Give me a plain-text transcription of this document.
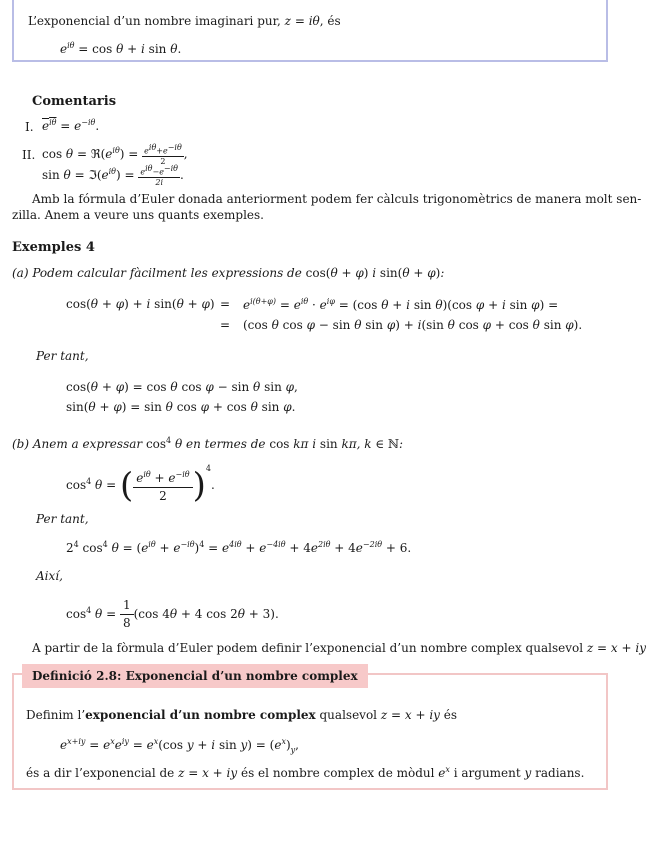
L’exponencial d’un nombre imaginari pur, z = iθ, és
$e^{i\theta} = \cos \theta + i$ sin θ.
Comentaris
I. $e^{i\theta} = e^{-i\theta}$.
II. $\cos \theta = ℜ(e^{i\theta}) = \frac{e^{i\theta}+e^{-i\theta}}{2}$ ,
$\sin \theta = ℑ(e^{i\theta}) = \frac{e^{i\theta}-e^{-i\theta}}{2i}$ .
Amb la fórmula d’Euler donada anteriorment podem fer càlculs trigonomètrics de manera molt sen-
zilla. Anem a veure uns quants exemples.
Exemples 4
(a) Podem calcular fàcilment les expressions de cos(θ + φ) i sin(θ + φ):
cos(θ + φ) + i $\sin(\theta + \varphi) = e^{i(\theta+\varphi)} = e^{i\theta} \cdot e^{i\varphi} = (\cos$ θ + i sin θ)(cos φ + i sin φ) =
= (cos θ cos φ − sin θ sin φ) + i(sin θ cos φ + cos θ sin φ).
Per tant,
cos(θ + φ) = cos θ cos φ − sin θ sin φ,
sin(θ + φ) = sin θ cos φ + cos θ sin φ.
(b) Anem a expressar $\cos^4 \theta$ en termes de cos kπ i sin kπ, k ∈ ℕ:
$\cos^4 \theta$ = ( $e^{i\theta} + e^{-i\theta}$
2 )$^4$.
Per tant,
$2^4$ $\cos^4 \theta = (e^{i\theta} + e^{-i\theta})^4 = e^{4i\theta} + e^{-4i\theta} + 4e^{2i\theta} + 4e^{-2i\theta} + 6$.
Així,
$\cos^4 \theta = \frac{1}{8} (\cos$ 4θ + 4 cos 2θ + 3).
A partir de la fòrmula d’Euler podem definir l’exponencial d’un nombre complex qualsevol z = x + iy
Definició 2.8: Exponencial d’un nombre complex
Definim l’exponencial d’un nombre complex qualsevol z = x + iy és
$e^{x+iy} = e^xe^{iy} = e^x(\cos$ y + i $\sin y) = (e^x)_y$,
és a dir l’exponencial de z = x + iy és el nombre complex de mòdul $e^x$ i argument y radians.
